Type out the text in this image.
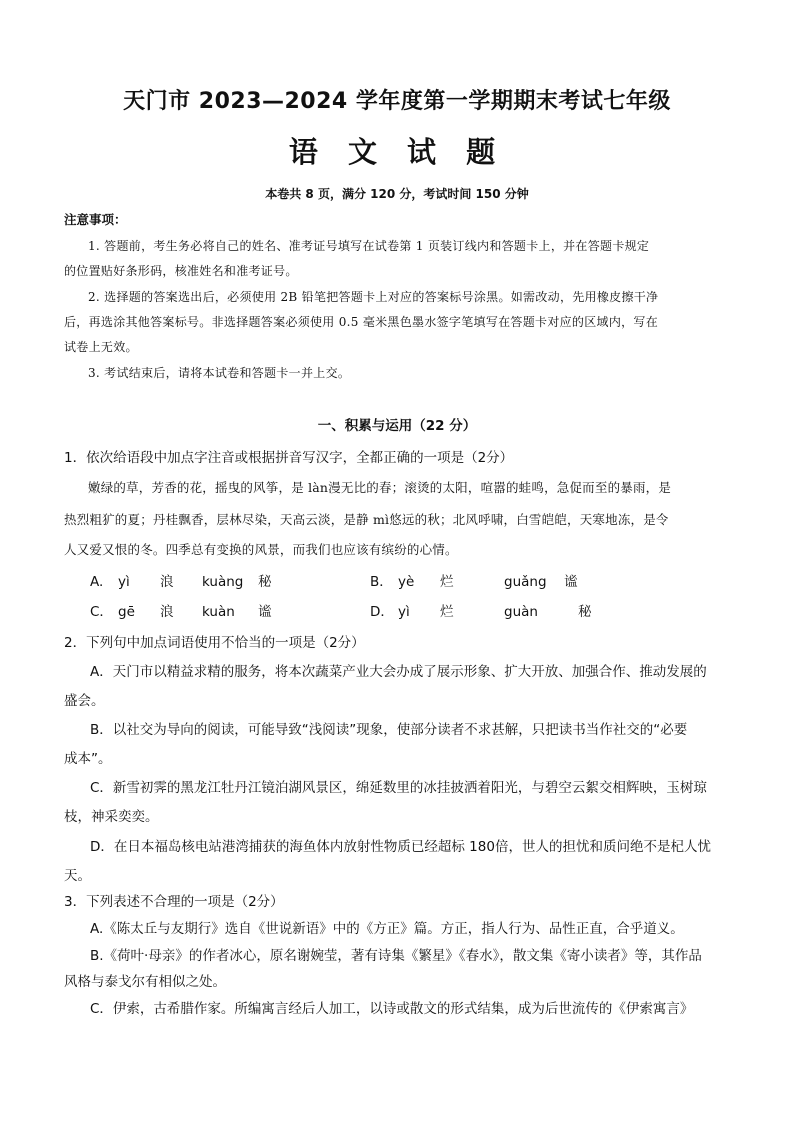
天门市 2023—2024 学年度第一学期期末考试七年级
语 文 试 题
本卷共 8 页，满分 120 分，考试时间 150 分钟
注意事项：
1. 答题前，考生务必将自己的姓名、准考证号填写在试卷第 1 页装订线内和答题卡上，并在答题卡规定
的位置贴好条形码，核准姓名和准考证号。
2. 选择题的答案选出后，必须使用 2B 铅笔把答题卡上对应的答案标号涂黑。如需改动，先用橡皮擦干净
后，再选涂其他答案标号。非选择题答案必须使用 0.5 毫米黑色墨水签字笔填写在答题卡对应的区域内，写在
试卷上无效。
3. 考试结束后，请将本试卷和答题卡一并上交。
一、积累与运用（22 分）
1．依次给语段中加点字注音或根据拼音写汉字，全都正确的一项是（2分）
嫩绿的草，芳香的花，摇曳的风筝，是 làn漫无比的春；滚烫的太阳，喧嚣的蛙鸣，急促而至的暴雨，是
热烈粗犷的夏；丹桂飘香，层林尽染，天高云淡，是静 mì悠远的秋；北风呼啸，白雪皑皑，天寒地冻，是令
人又爱又恨的冬。四季总有变换的风景，而我们也应该有缤纷的心情。
A. yì 浪 kuàng 秘	B． yè 烂	guǎng 谧
C． gē 浪 kuàn 谧	D． yì 烂	guàn	秘
2．下列句中加点词语使用不恰当的一项是（2分）
A．天门市以精益求精的服务，将本次蔬菜产业大会办成了展示形象、扩大开放、加强合作、推动发展的
盛会。
B．以社交为导向的阅读，可能导致“浅阅读”现象，使部分读者不求甚解，只把读书当作社交的“必要
成本”。
C．新雪初霁的黑龙江牡丹江镜泊湖风景区，绵延数里的冰挂披洒着阳光，与碧空云絮交相辉映，玉树琼
枝，神采奕奕。
D．在日本福岛核电站港湾捕获的海鱼体内放射性物质已经超标 180倍，世人的担忧和质问绝不是杞人忧
天。
3．下列表述不合理的一项是（2分）
A.《陈太丘与友期行》选自《世说新语》中的《方正》篇。方正，指人行为、品性正直，合乎道义。
B.《荷叶·母亲》的作者冰心，原名谢婉莹，著有诗集《繁星》《春水》，散文集《寄小读者》等，其作品
风格与泰戈尔有相似之处。
C．伊索，古希腊作家。所编寓言经后人加工，以诗或散文的形式结集，成为后世流传的《伊索寓言》
